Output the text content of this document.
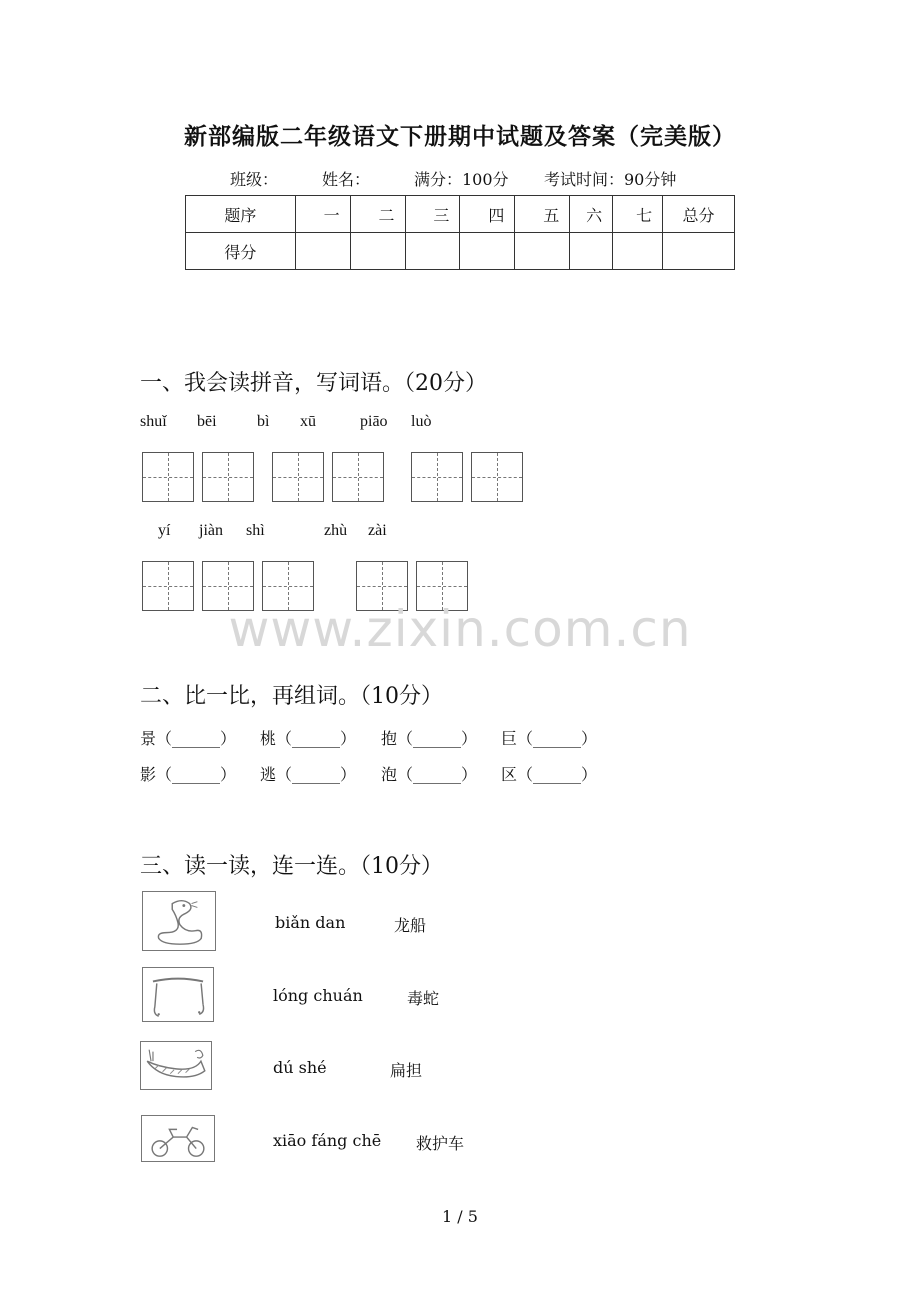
新部编版二年级语文下册期中试题及答案（完美版）
班级：	姓名：	满分：100分 考试时间：90分钟
题序	一	二	三	四	五	六	七	总分
得分								
一、我会读拼音，写词语。（20分）
shuǐ bēi	bì xū	piāo luò
yí jiàn shì	zhù zài
www.zixin.com.cn
二、比一比，再组词。（10分）
景（______） 桃（______） 抱（______） 巨（______）
影（______） 逃（______） 泡（______） 区（______）
三、读一读，连一连。（10分）
biǎn dan	龙船
lóng chuán	毒蛇
dú shé	扁担
xiāo fáng chē 救护车
1 / 5
